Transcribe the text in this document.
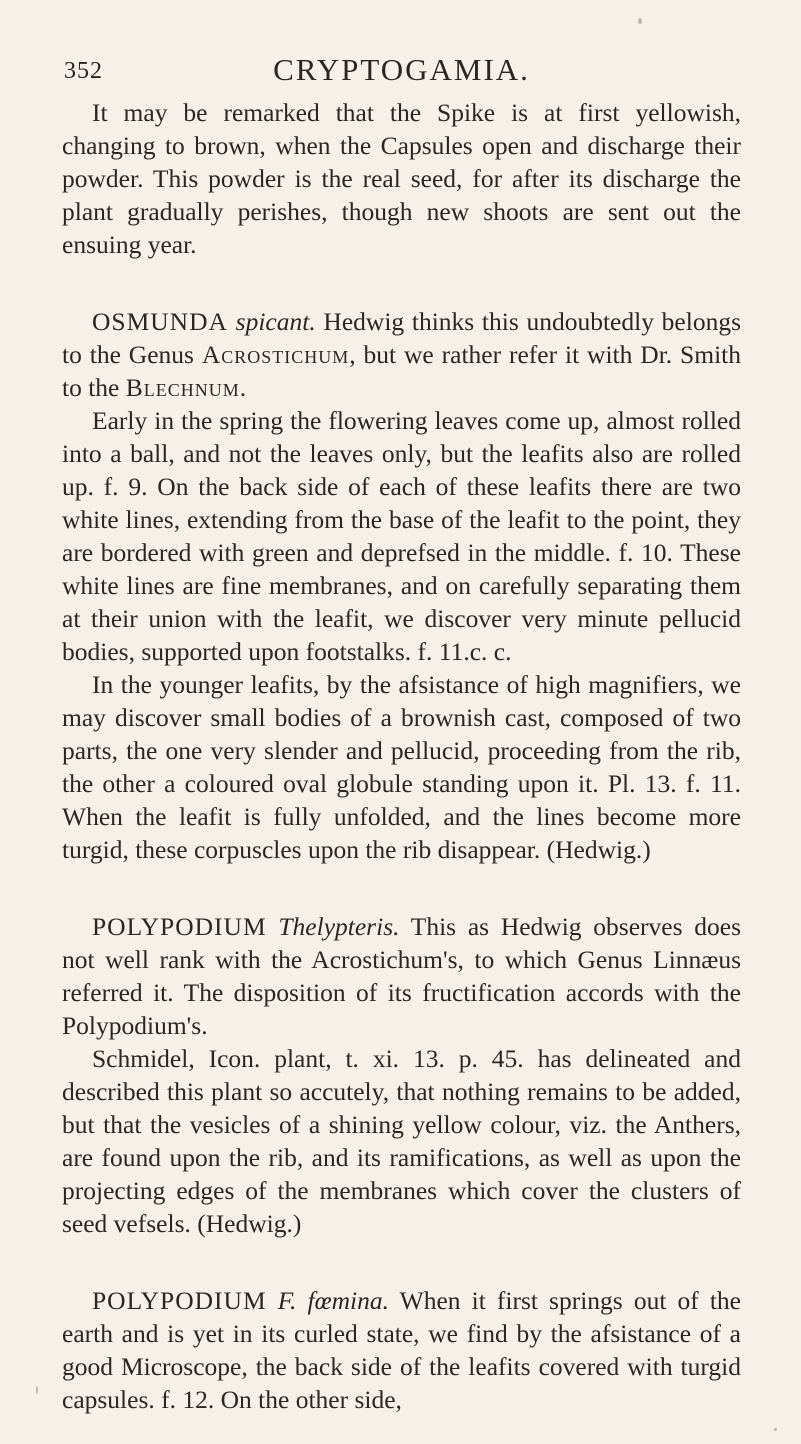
352	CRYPTOGAMIA.

It may be remarked that the Spike is at first yellowish, changing to brown, when the Capsules open and discharge their powder. This powder is the real seed, for after its discharge the plant gradually perishes, though new shoots are sent out the ensuing year.

OSMUNDA spicant. Hedwig thinks this undoubtedly belongs to the Genus Acrostichum, but we rather refer it with Dr. Smith to the Blechnum.

Early in the spring the flowering leaves come up, almost rolled into a ball, and not the leaves only, but the leafits also are rolled up. f. 9. On the back side of each of these leafits there are two white lines, extending from the base of the leafit to the point, they are bordered with green and deprefsed in the middle. f. 10. These white lines are fine membranes, and on carefully separating them at their union with the leafit, we discover very minute pellucid bodies, supported upon footstalks. f. 11.c. c.

In the younger leafits, by the afsistance of high magnifiers, we may discover small bodies of a brownish cast, composed of two parts, the one very slender and pellucid, proceeding from the rib, the other a coloured oval globule standing upon it. Pl. 13. f. 11. When the leafit is fully unfolded, and the lines become more turgid, these corpuscles upon the rib disappear. (Hedwig.)

POLYPODIUM Thelypteris. This as Hedwig observes does not well rank with the Acrostichum's, to which Genus Linnæus referred it. The disposition of its fructification accords with the Polypodium's.

Schmidel, Icon. plant, t. xi. 13. p. 45. has delineated and described this plant so accutely, that nothing remains to be added, but that the vesicles of a shining yellow colour, viz. the Anthers, are found upon the rib, and its ramifications, as well as upon the projecting edges of the membranes which cover the clusters of seed vefsels. (Hedwig.)

POLYPODIUM F. fœmina. When it first springs out of the earth and is yet in its curled state, we find by the afsistance of a good Microscope, the back side of the leafits covered with turgid capsules. f. 12. On the other side,
